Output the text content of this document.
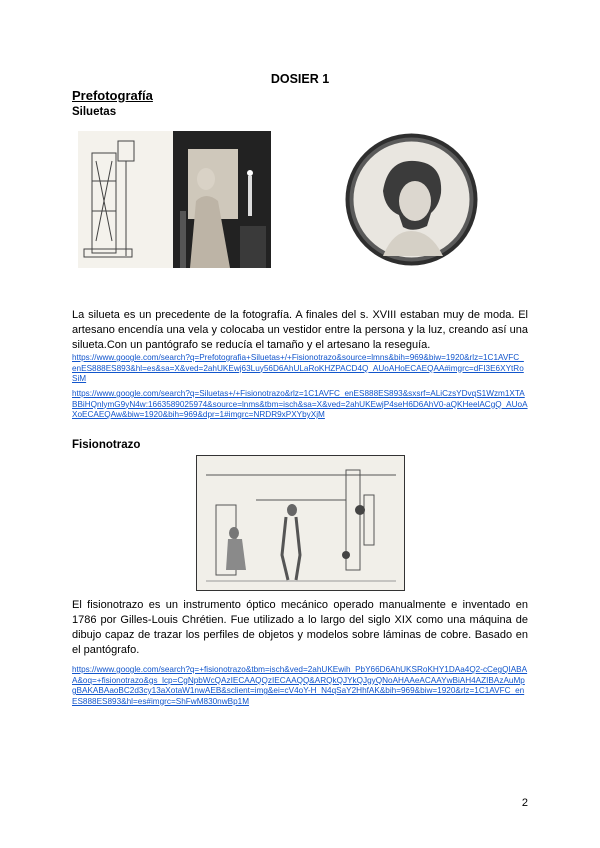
DOSIER 1
Prefotografía
Siluetas
La silueta es un precedente de la fotografía. A finales del s. XVIII estaban muy de moda. El artesano encendía una vela y colocaba un vestidor entre la persona y la luz, creando así una silueta.Con un pantógrafo se reducía el tamaño y el artesano la reseguía.
https://www.google.com/search?q=Prefotografia+Siluetas+/+Fisionotrazo&source=lmns&bih=969&biw=1920&rlz=1C1AVFC_enES888ES893&hl=es&sa=X&ved=2ahUKEwj63Luy56D6AhULaRoKHZPACD4Q_AUoAHoECAEQAA#imgrc=dFI3E6XYtRoSiM
https://www.google.com/search?q=Siluetas+/+Fisionotrazo&rlz=1C1AVFC_enES888ES893&sxsrf=ALiCzsYDvqS1Wzm1XTABBiHQnlymG9yN4w:1663589025974&source=lnms&tbm=isch&sa=X&ved=2ahUKEwjP4seH6D6AhV0-aQKHeelACgQ_AUoAXoECAEQAw&biw=1920&bih=969&dpr=1#imgrc=NRDR9xPXYbyXjM
Fisionotrazo
El fisionotrazo es un instrumento óptico mecánico operado manualmente e inventado en 1786 por Gilles-Louis Chrétien. Fue utilizado a lo largo del siglo XIX como una máquina de dibujo capaz de trazar los perfiles de objetos y modelos sobre láminas de cobre. Basado en el pantógrafo.
https://www.google.com/search?q=+fisionotrazo&tbm=isch&ved=2ahUKEwih_PbY66D6AhUKSRoKHY1DAa4Q2-cCegQIABAA&oq=+fisionotrazo&gs_lcp=CgNpbWcQAzIECAAQQzIECAAQQ&ARQkQJYkQJgyQNoAHAAeACAAYwBiAH4AZIBAzAuMpgBAKABAaoBC2d3cy13aXotaW1nwAEB&sclient=img&ei=cV4oY-H_N4qSaY2HhfAK&bih=969&biw=1920&rlz=1C1AVFC_enES888ES893&hl=es#imgrc=ShFwM830nwBp1M
2
